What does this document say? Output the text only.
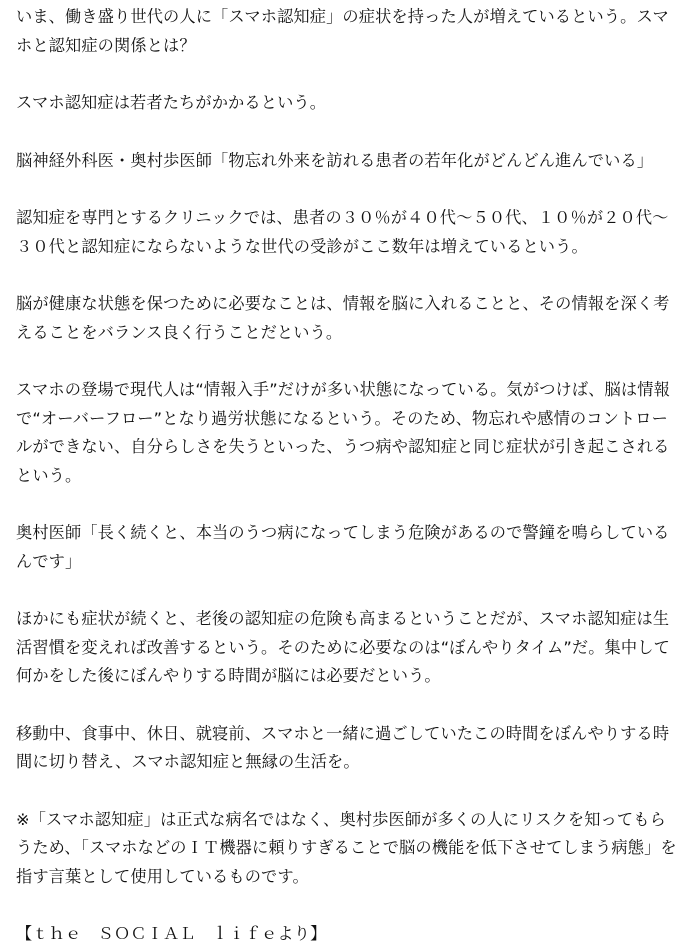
いま、働き盛り世代の人に「スマホ認知症」の症状を持った人が増えているという。スマホと認知症の関係とは？

スマホ認知症は若者たちがかかるという。

脳神経外科医・奥村歩医師「物忘れ外来を訪れる患者の若年化がどんどん進んでいる」

認知症を専門とするクリニックでは、患者の３０％が４０代〜５０代、１０％が２０代〜３０代と認知症にならないような世代の受診がここ数年は増えているという。

脳が健康な状態を保つために必要なことは、情報を脳に入れることと、その情報を深く考えることをバランス良く行うことだという。

スマホの登場で現代人は“情報入手”だけが多い状態になっている。気がつけば、脳は情報で“オーバーフロー”となり過労状態になるという。そのため、物忘れや感情のコントロールができない、自分らしさを失うといった、うつ病や認知症と同じ症状が引き起こされるという。

奥村医師「長く続くと、本当のうつ病になってしまう危険があるので警鐘を鳴らしているんです」

ほかにも症状が続くと、老後の認知症の危険も高まるということだが、スマホ認知症は生活習慣を変えれば改善するという。そのために必要なのは“ぼんやりタイム”だ。集中して何かをした後にぼんやりする時間が脳には必要だという。

移動中、食事中、休日、就寝前、スマホと一緒に過ごしていたこの時間をぼんやりする時間に切り替え、スマホ認知症と無縁の生活を。

※「スマホ認知症」は正式な病名ではなく、奥村歩医師が多くの人にリスクを知ってもらうため、「スマホなどのＩＴ機器に頼りすぎることで脳の機能を低下させてしまう病態」を指す言葉として使用しているものです。

【ｔｈｅ　ＳＯＣＩＡＬ　ｌｉｆｅより】
